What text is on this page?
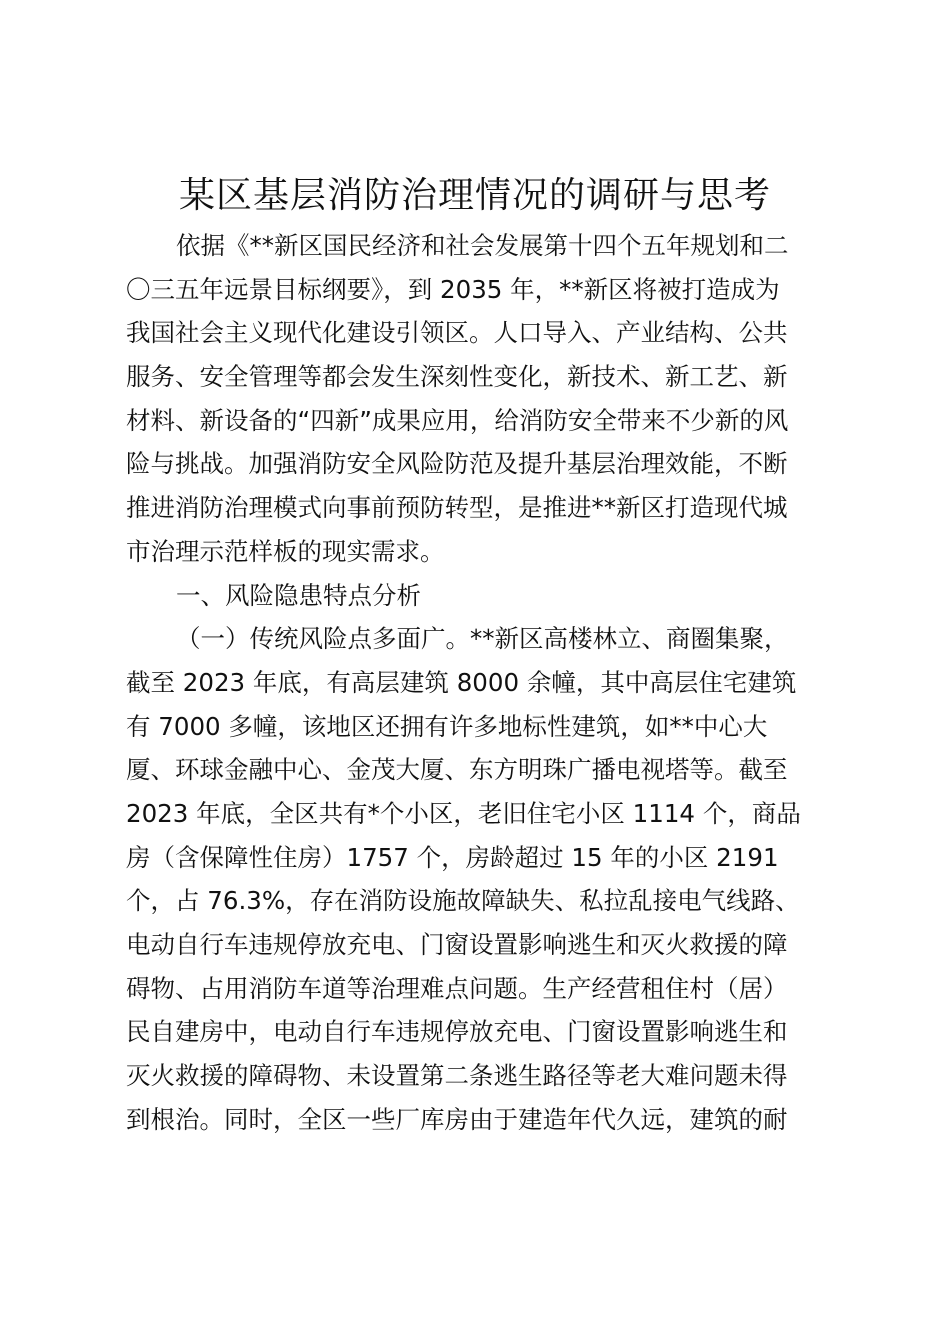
某区基层消防治理情况的调研与思考
依据《**新区国民经济和社会发展第十四个五年规划和二
〇三五年远景目标纲要》，到 2035 年，**新区将被打造成为
我国社会主义现代化建设引领区。人口导入、产业结构、公共
服务、安全管理等都会发生深刻性变化，新技术、新工艺、新
材料、新设备的“四新”成果应用，给消防安全带来不少新的风
险与挑战。加强消防安全风险防范及提升基层治理效能，不断
推进消防治理模式向事前预防转型，是推进**新区打造现代城
市治理示范样板的现实需求。
一、风险隐患特点分析
（一）传统风险点多面广。**新区高楼林立、商圈集聚，
截至 2023 年底，有高层建筑 8000 余幢，其中高层住宅建筑
有 7000 多幢，该地区还拥有许多地标性建筑，如**中心大
厦、环球金融中心、金茂大厦、东方明珠广播电视塔等。截至
2023 年底，全区共有*个小区，老旧住宅小区 1114 个，商品
房（含保障性住房）1757 个，房龄超过 15 年的小区 2191
个，占 76.3%，存在消防设施故障缺失、私拉乱接电气线路、
电动自行车违规停放充电、门窗设置影响逃生和灭火救援的障
碍物、占用消防车道等治理难点问题。生产经营租住村（居）
民自建房中，电动自行车违规停放充电、门窗设置影响逃生和
灭火救援的障碍物、未设置第二条逃生路径等老大难问题未得
到根治。同时，全区一些厂库房由于建造年代久远，建筑的耐
